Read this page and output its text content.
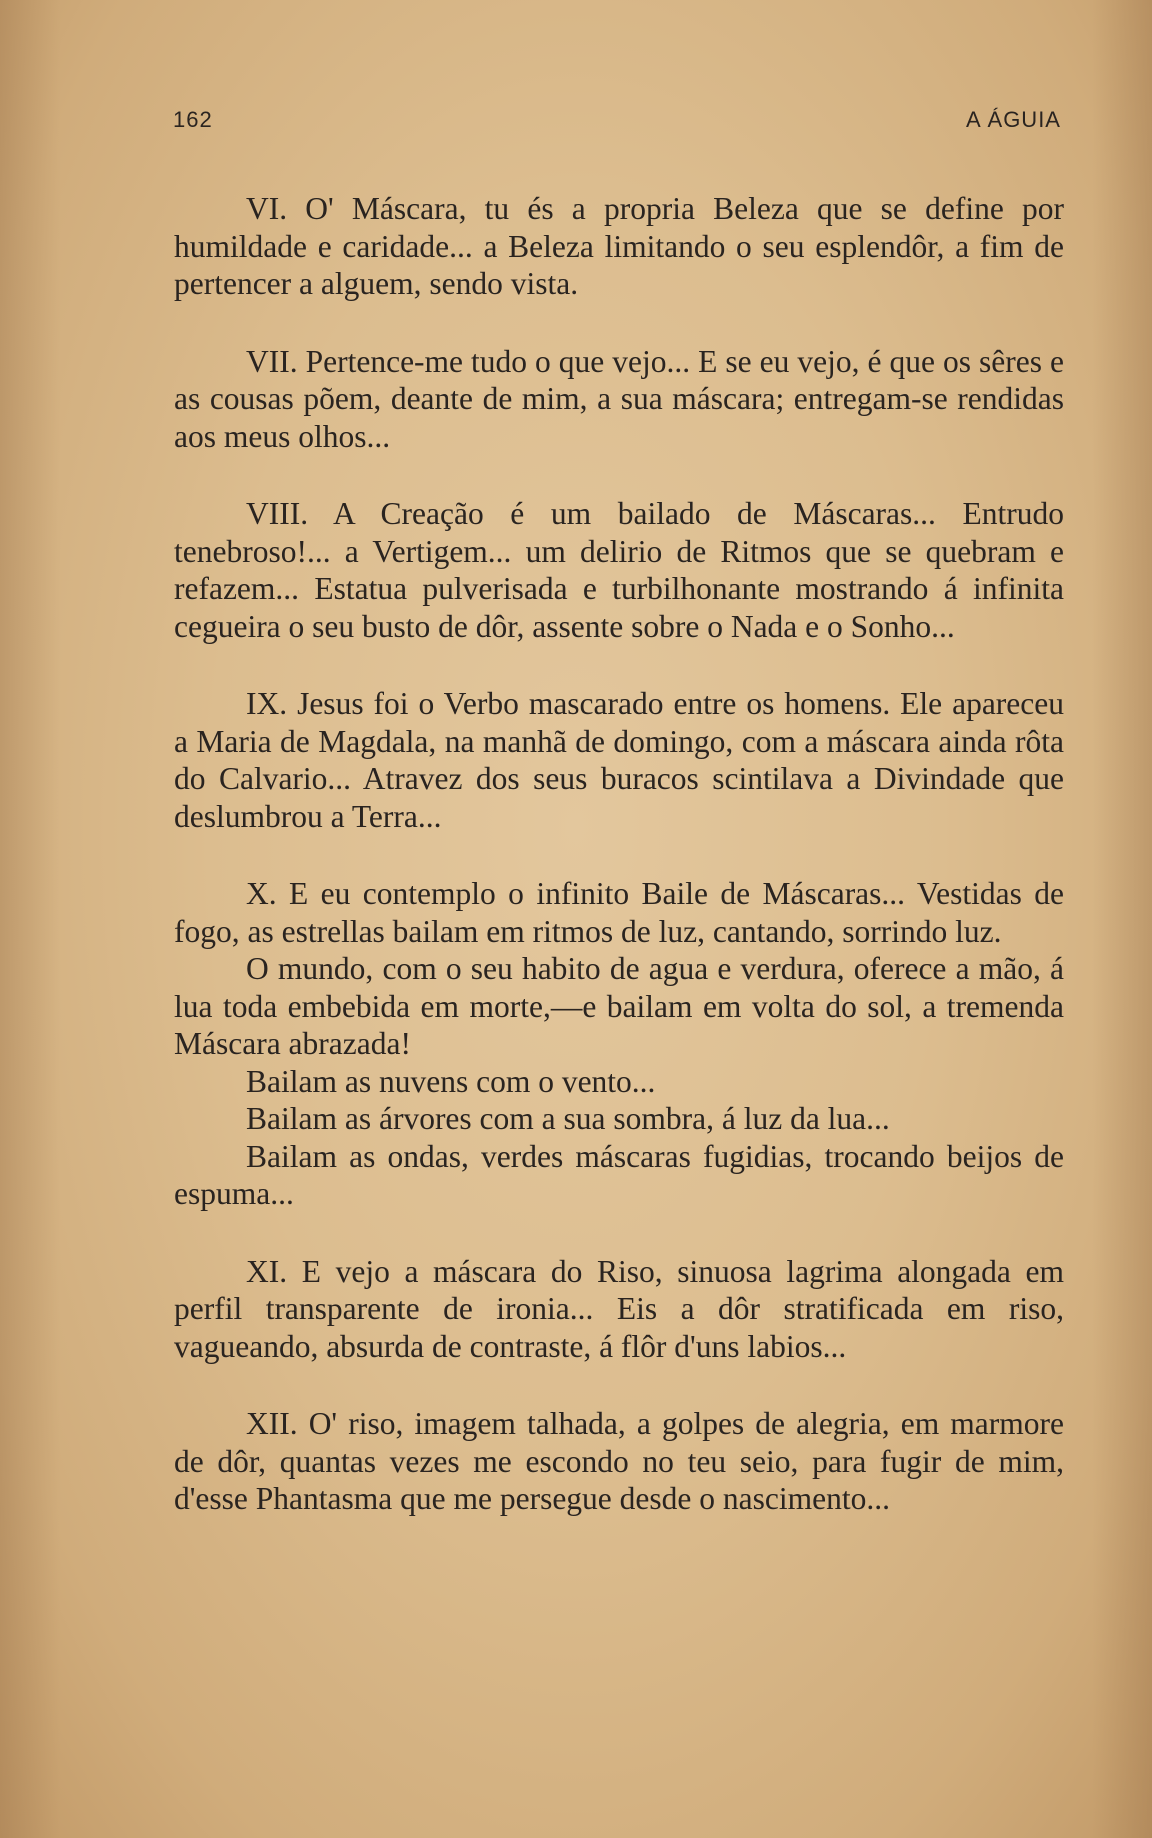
162	A ÁGUIA

VI. O' Máscara, tu és a propria Beleza que se define por humildade e caridade... a Beleza limitando o seu esplendôr, a fim de pertencer a alguem, sendo vista.

VII. Pertence-me tudo o que vejo... E se eu vejo, é que os sêres e as cousas põem, deante de mim, a sua máscara; entregam-se rendidas aos meus olhos...

VIII. A Creação é um bailado de Máscaras... Entrudo tenebroso!... a Vertigem... um delirio de Ritmos que se quebram e refazem... Estatua pulverisada e turbilhonante mostrando á infinita cegueira o seu busto de dôr, assente sobre o Nada e o Sonho...

IX. Jesus foi o Verbo mascarado entre os homens. Ele apareceu a Maria de Magdala, na manhã de domingo, com a máscara ainda rôta do Calvario... Atravez dos seus buracos scintilava a Divindade que deslumbrou a Terra...

X. E eu contemplo o infinito Baile de Máscaras... Vestidas de fogo, as estrellas bailam em ritmos de luz, cantando, sorrindo luz.

O mundo, com o seu habito de agua e verdura, oferece a mão, á lua toda embebida em morte,—e bailam em volta do sol, a tremenda Máscara abrazada!

Bailam as nuvens com o vento...

Bailam as árvores com a sua sombra, á luz da lua...

Bailam as ondas, verdes máscaras fugidias, trocando beijos de espuma...

XI. E vejo a máscara do Riso, sinuosa lagrima alongada em perfil transparente de ironia... Eis a dôr stratificada em riso, vagueando, absurda de contraste, á flôr d'uns labios...

XII. O' riso, imagem talhada, a golpes de alegria, em marmore de dôr, quantas vezes me escondo no teu seio, para fugir de mim, d'esse Phantasma que me persegue desde o nascimento...
